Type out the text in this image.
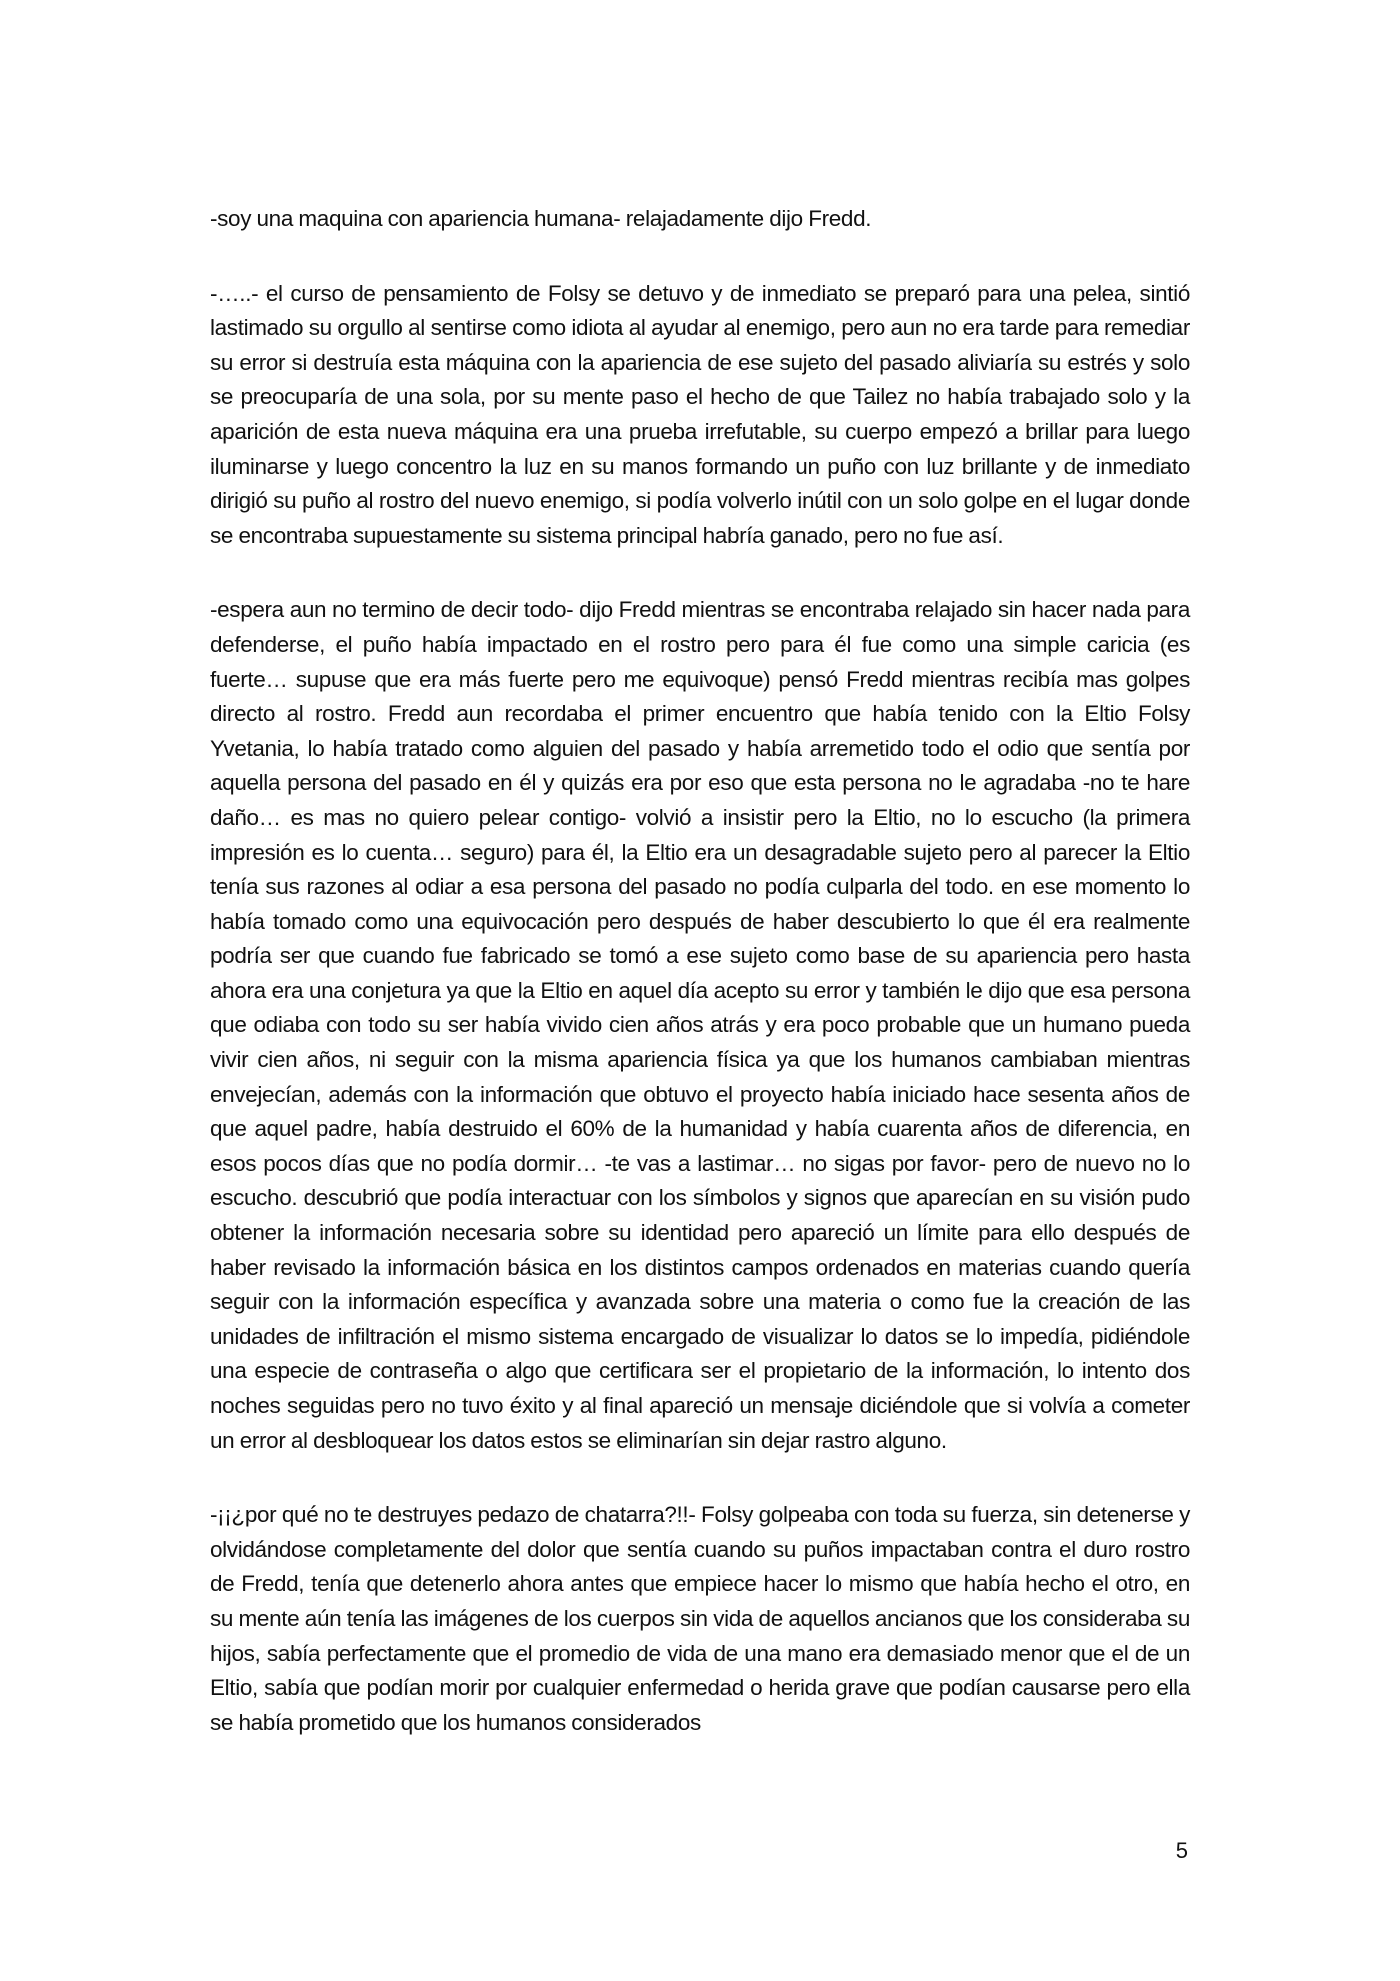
-soy una maquina con apariencia humana- relajadamente dijo Fredd.

-…..- el curso de pensamiento de Folsy se detuvo y de inmediato se preparó para una pelea, sintió lastimado su orgullo al sentirse como idiota al ayudar al enemigo, pero aun no era tarde para remediar su error si destruía esta máquina con la apariencia de ese sujeto del pasado aliviaría su estrés y solo se preocuparía de una sola, por su mente paso el hecho de que Tailez no había trabajado solo y la aparición de esta nueva máquina era una prueba irrefutable, su cuerpo empezó a brillar para luego iluminarse y luego concentro la luz en su manos formando un puño con luz brillante y de inmediato dirigió su puño al rostro del nuevo enemigo, si podía volverlo inútil con un solo golpe en el lugar donde se encontraba supuestamente su sistema principal habría ganado, pero no fue así.

-espera aun no termino de decir todo- dijo Fredd mientras se encontraba relajado sin hacer nada para defenderse, el puño había impactado en el rostro pero para él fue como una simple caricia (es fuerte… supuse que era más fuerte pero me equivoque) pensó Fredd mientras recibía mas golpes directo al rostro. Fredd aun recordaba el primer encuentro que había tenido con la Eltio Folsy Yvetania, lo había tratado como alguien del pasado y había arremetido todo el odio que sentía por aquella persona del pasado en él y quizás era por eso que esta persona no le agradaba -no te hare daño… es mas no quiero pelear contigo- volvió a insistir pero la Eltio, no lo escucho (la primera impresión es lo cuenta… seguro) para él, la Eltio era un desagradable sujeto pero al parecer la Eltio tenía sus razones al odiar a esa persona del pasado no podía culparla del todo. en ese momento lo había tomado como una equivocación pero después de haber descubierto lo que él era realmente podría ser que cuando fue fabricado se tomó a ese sujeto como base de su apariencia pero hasta ahora era una conjetura ya que la Eltio en aquel día acepto su error y también le dijo que esa persona que odiaba con todo su ser había vivido cien años atrás y era poco probable que un humano pueda vivir cien años, ni seguir con la misma apariencia física ya que los humanos cambiaban mientras envejecían, además con la información que obtuvo el proyecto había iniciado hace sesenta años de que aquel padre, había destruido el 60% de la humanidad y había cuarenta años de diferencia, en esos pocos días que no podía dormir… -te vas a lastimar… no sigas por favor- pero de nuevo no lo escucho. descubrió que podía interactuar con los símbolos y signos que aparecían en su visión pudo obtener la información necesaria sobre su identidad pero apareció un límite para ello después de haber revisado la información básica en los distintos campos ordenados en materias cuando quería seguir con la información específica y avanzada sobre una materia o como fue la creación de las unidades de infiltración el mismo sistema encargado de visualizar lo datos se lo impedía, pidiéndole una especie de contraseña o algo que certificara ser el propietario de la información, lo intento dos noches seguidas pero no tuvo éxito y al final apareció un mensaje diciéndole que si volvía a cometer un error al desbloquear los datos estos se eliminarían sin dejar rastro alguno.

-¡¡¿por qué no te destruyes pedazo de chatarra?!!- Folsy golpeaba con toda su fuerza, sin detenerse y olvidándose completamente del dolor que sentía cuando su puños impactaban contra el duro rostro de Fredd, tenía que detenerlo ahora antes que empiece hacer lo mismo que había hecho el otro, en su mente aún tenía las imágenes de los cuerpos sin vida de aquellos ancianos que los consideraba su hijos, sabía perfectamente que el promedio de vida de una mano era demasiado menor que el de un Eltio, sabía que podían morir por cualquier enfermedad o herida grave que podían causarse pero ella se había prometido que los humanos considerados

5
